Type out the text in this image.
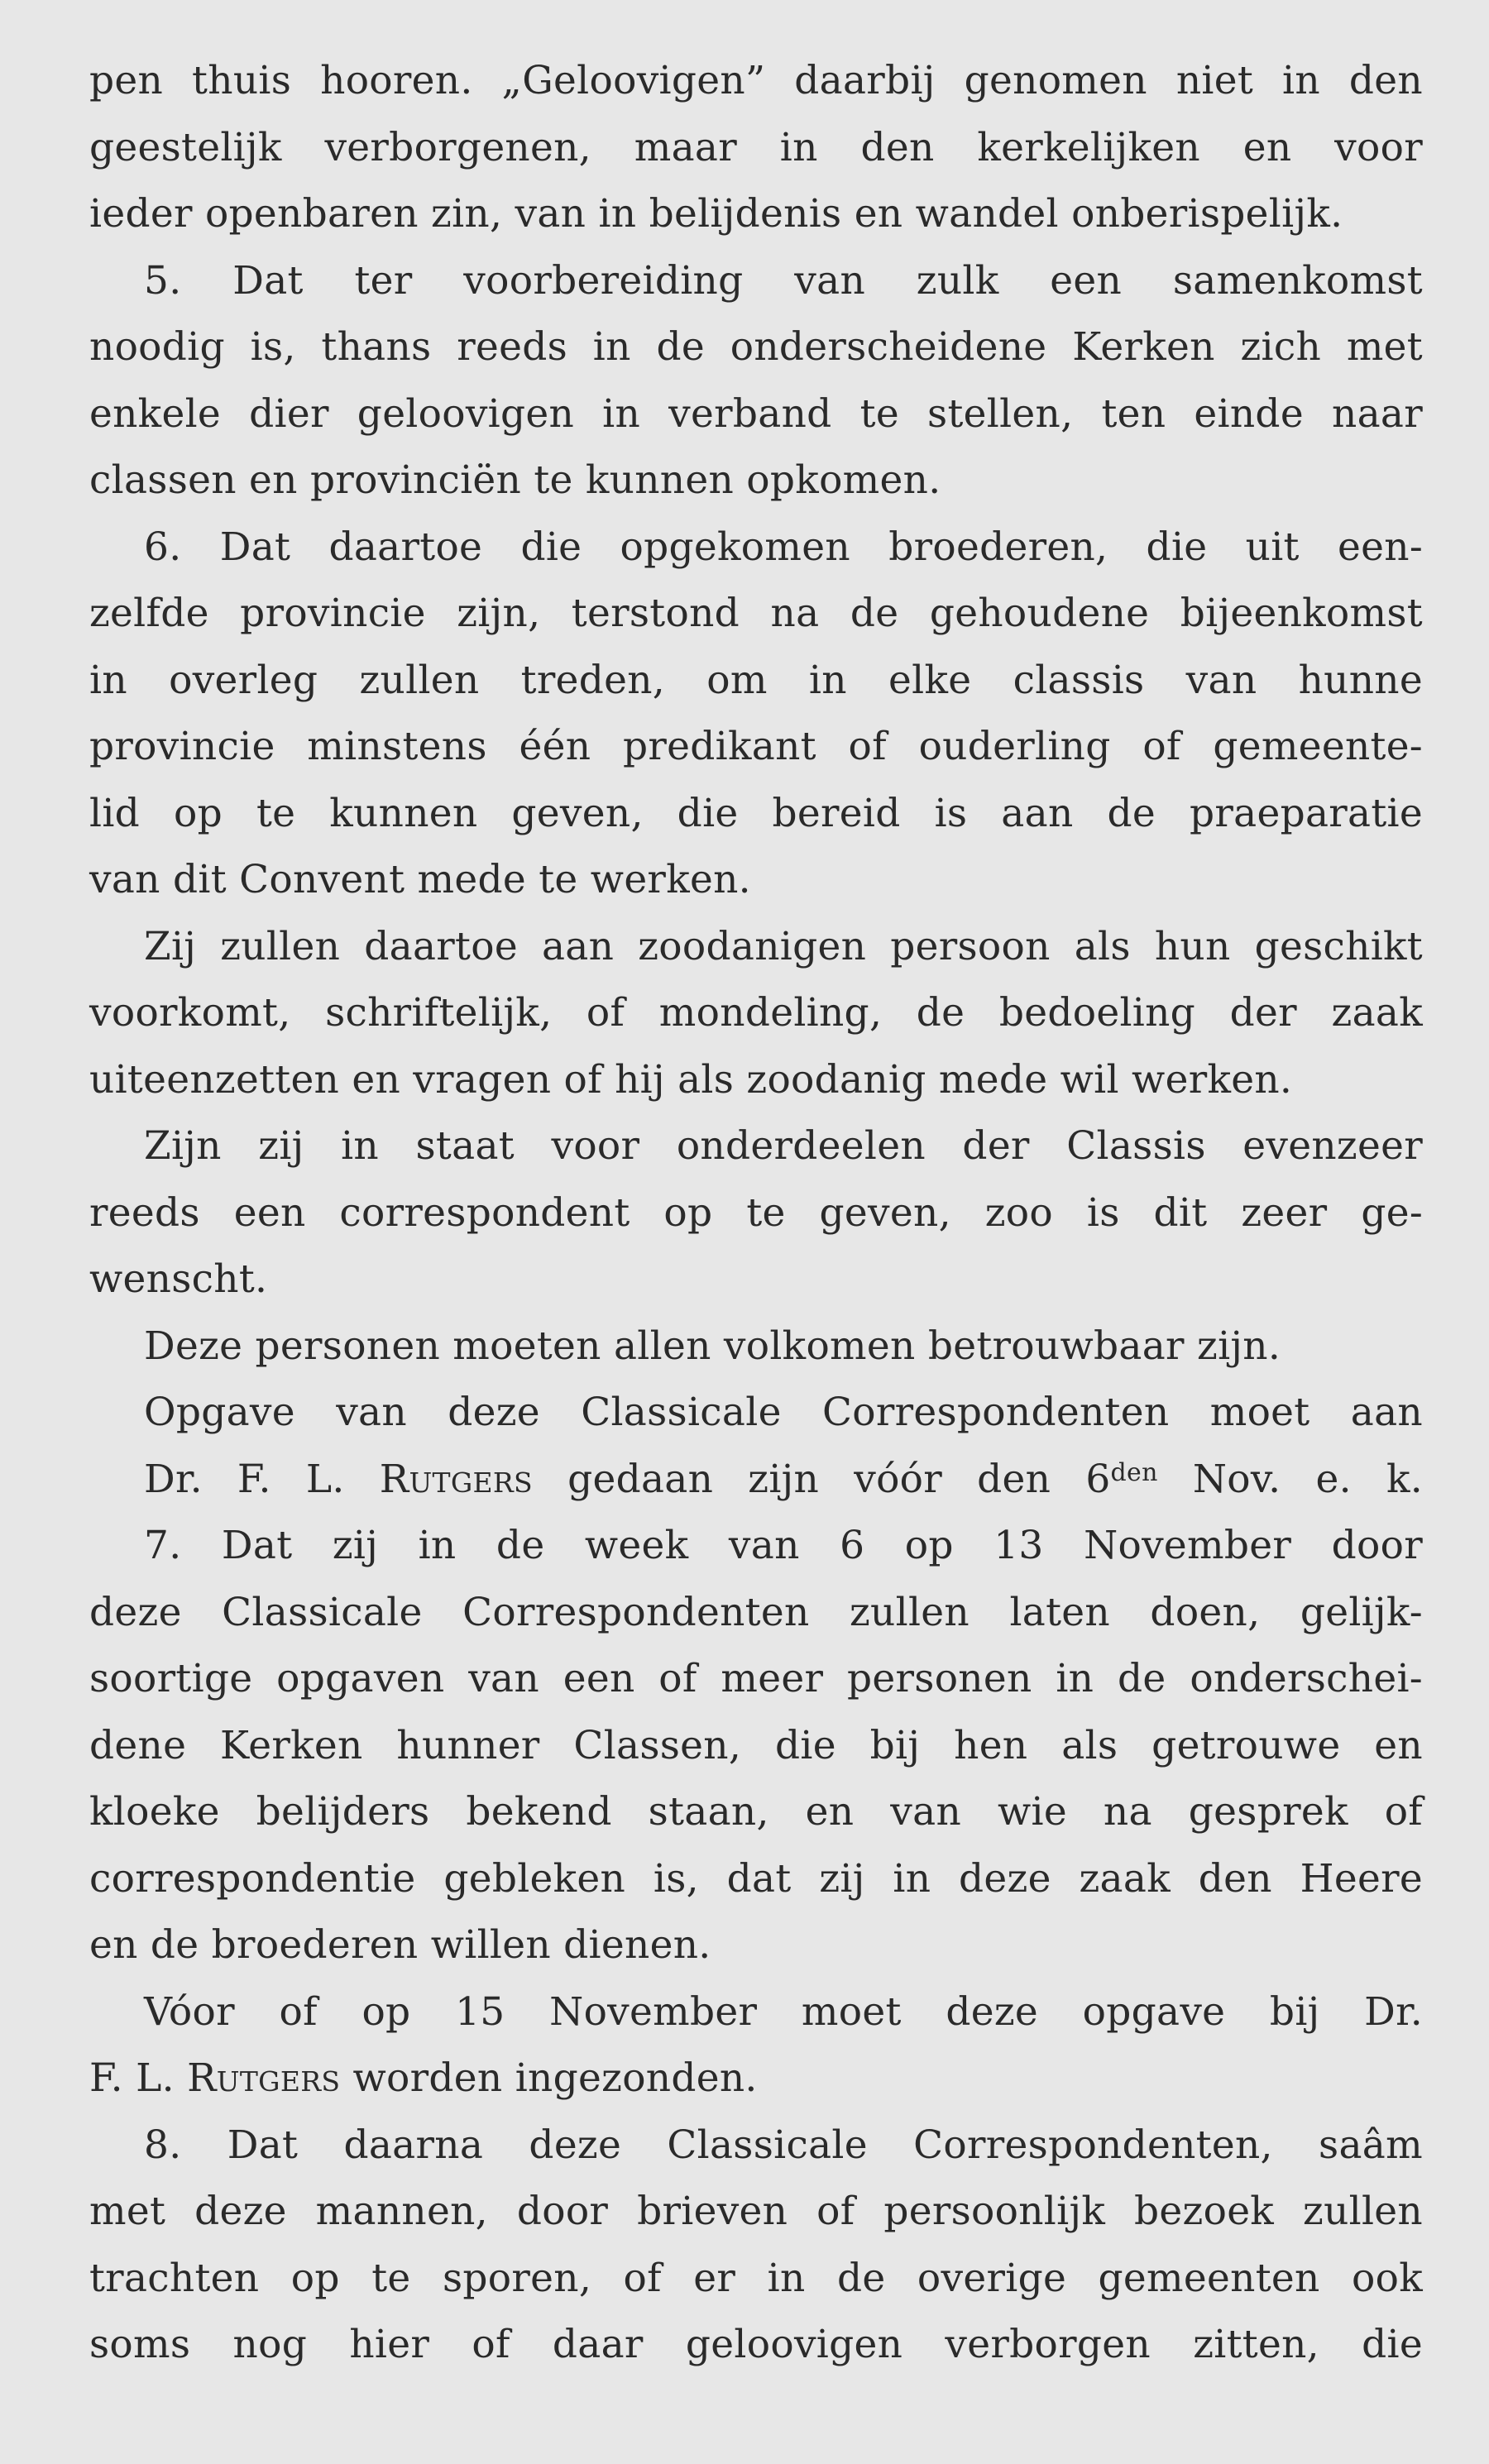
pen thuis hooren. „Geloovigen” daarbij genomen niet in den
geestelijk verborgenen, maar in den kerkelijken en voor
ieder openbaren zin, van in belijdenis en wandel onberispelijk.
5. Dat ter voorbereiding van zulk een samenkomst
noodig is, thans reeds in de onderscheidene Kerken zich met
enkele dier geloovigen in verband te stellen, ten einde naar
classen en provinciën te kunnen opkomen.
6. Dat daartoe die opgekomen broederen, die uit een-
zelfde provincie zijn, terstond na de gehoudene bijeenkomst
in overleg zullen treden, om in elke classis van hunne
provincie minstens één predikant of ouderling of gemeente-
lid op te kunnen geven, die bereid is aan de praeparatie
van dit Convent mede te werken.
Zij zullen daartoe aan zoodanigen persoon als hun geschikt
voorkomt, schriftelijk, of mondeling, de bedoeling der zaak
uiteenzetten en vragen of hij als zoodanig mede wil werken.
Zijn zij in staat voor onderdeelen der Classis evenzeer
reeds een correspondent op te geven, zoo is dit zeer ge-
wenscht.
Deze personen moeten allen volkomen betrouwbaar zijn.
Opgave van deze Classicale Correspondenten moet aan
Dr. F. L. Rutgers gedaan zijn vóór den $6^{den}$ Nov. e. k.
7. Dat zij in de week van 6 op 13 November door
deze Classicale Correspondenten zullen laten doen, gelijk-
soortige opgaven van een of meer personen in de onderschei-
dene Kerken hunner Classen, die bij hen als getrouwe en
kloeke belijders bekend staan, en van wie na gesprek of
correspondentie gebleken is, dat zij in deze zaak den Heere
en de broederen willen dienen.
Vóor of op 15 November moet deze opgave bij Dr.
F. L. Rutgers worden ingezonden.
8. Dat daarna deze Classicale Correspondenten, saâm
met deze mannen, door brieven of persoonlijk bezoek zullen
trachten op te sporen, of er in de overige gemeenten ook
soms nog hier of daar geloovigen verborgen zitten, die
